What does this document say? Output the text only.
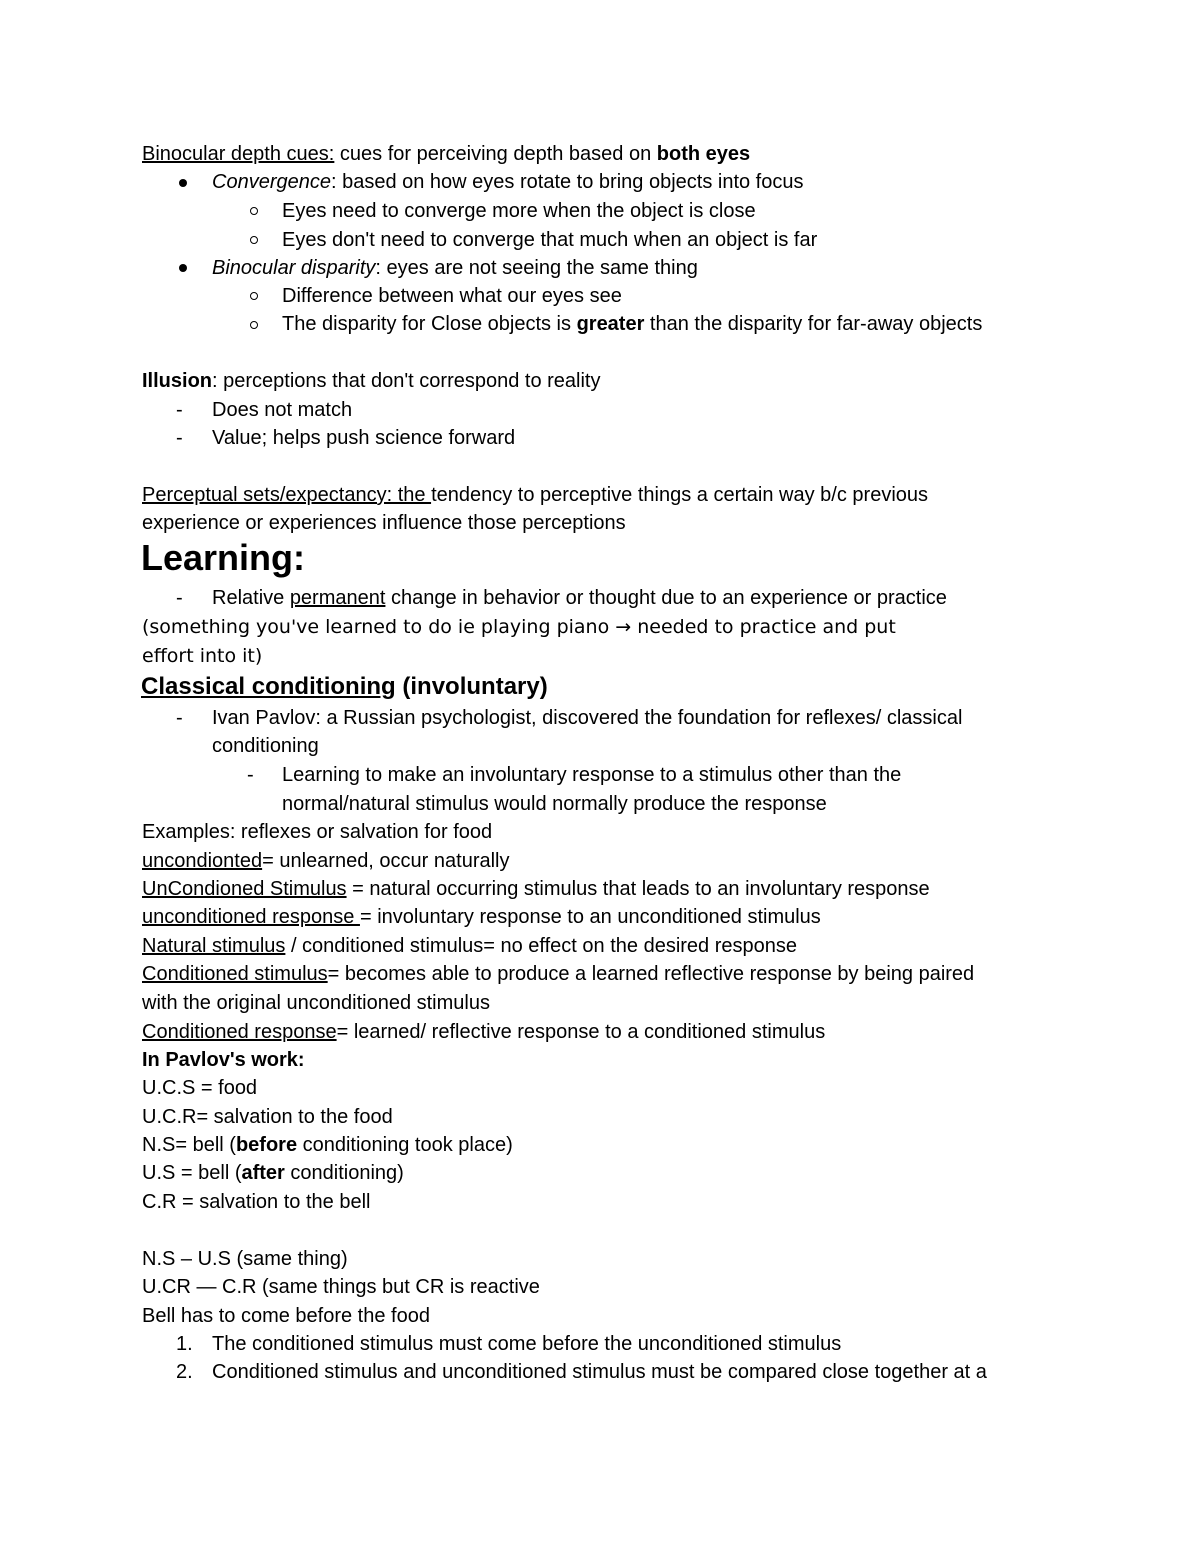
Binocular depth cues: cues for perceiving depth based on both eyes
Convergence: based on how eyes rotate to bring objects into focus
Eyes need to converge more when the object is close
Eyes don't need to converge that much when an object is far
Binocular disparity: eyes are not seeing the same thing
Difference between what our eyes see
The disparity for Close objects is greater than the disparity for far-away objects
Illusion: perceptions that don't correspond to reality
- Does not match
- Value; helps push science forward
Perceptual sets/expectancy: the tendency to perceptive things a certain way b/c previous
experience or experiences influence those perceptions
Learning:
- Relative permanent change in behavior or thought due to an experience or practice
(something you've learned to do ie playing piano → needed to practice and put
effort into it)
Classical conditioning (involuntary)
- Ivan Pavlov: a Russian psychologist, discovered the foundation for reflexes/ classical
conditioning
- Learning to make an involuntary response to a stimulus other than the
normal/natural stimulus would normally produce the response
Examples: reflexes or salvation for food
uncondionted= unlearned, occur naturally
UnCondioned Stimulus = natural occurring stimulus that leads to an involuntary response
unconditioned response = involuntary response to an unconditioned stimulus
Natural stimulus / conditioned stimulus= no effect on the desired response
Conditioned stimulus= becomes able to produce a learned reflective response by being paired
with the original unconditioned stimulus
Conditioned response= learned/ reflective response to a conditioned stimulus
In Pavlov's work:
U.C.S = food
U.C.R= salvation to the food
N.S= bell (before conditioning took place)
U.S = bell (after conditioning)
C.R = salvation to the bell
N.S – U.S (same thing)
U.CR — C.R (same things but CR is reactive
Bell has to come before the food
1. The conditioned stimulus must come before the unconditioned stimulus
2. Conditioned stimulus and unconditioned stimulus must be compared close together at a
